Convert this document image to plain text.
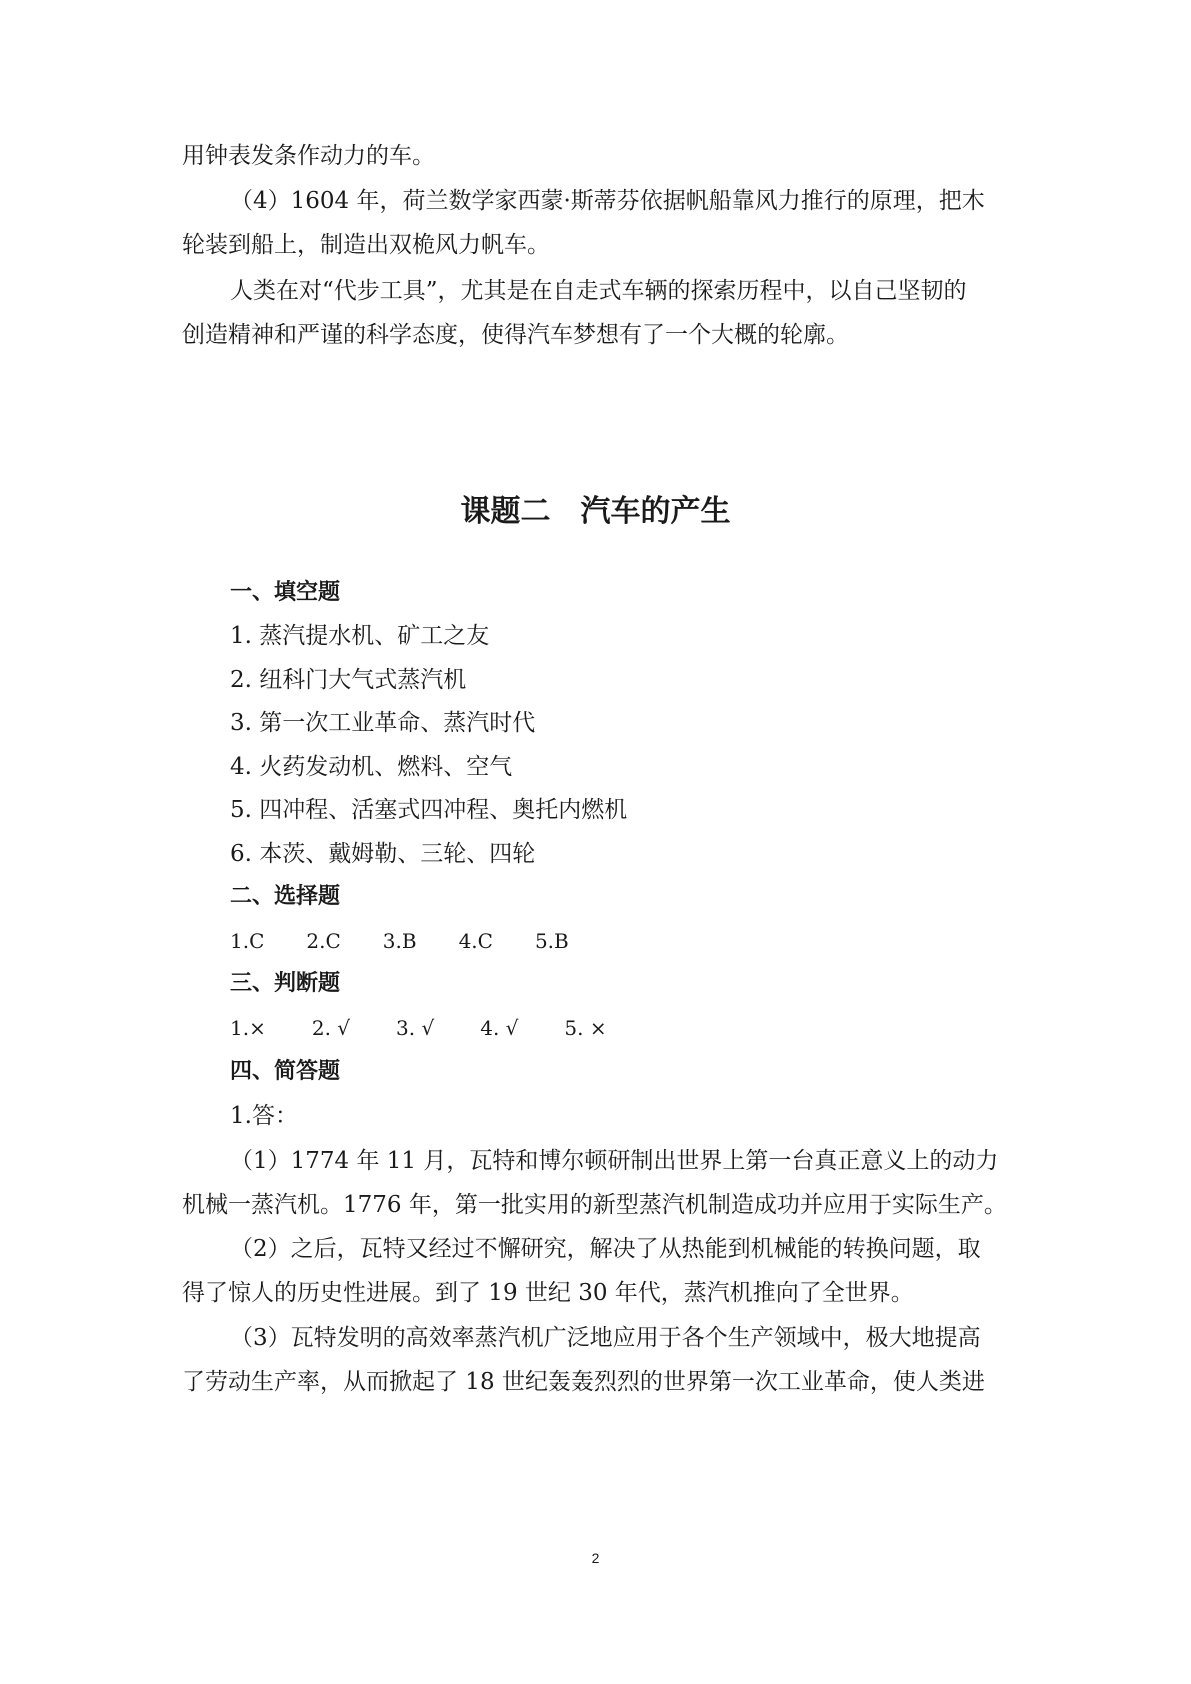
用钟表发条作动力的车。
（4）1604 年，荷兰数学家西蒙·斯蒂芬依据帆船靠风力推行的原理，把木
轮装到船上，制造出双桅风力帆车。
人类在对“代步工具”，尤其是在自走式车辆的探索历程中，以自己坚韧的
创造精神和严谨的科学态度，使得汽车梦想有了一个大概的轮廓。
课题二　汽车的产生
一、填空题
1. 蒸汽提水机、矿工之友
2. 纽科门大气式蒸汽机
3. 第一次工业革命、蒸汽时代
4. 火药发动机、燃料、空气
5. 四冲程、活塞式四冲程、奥托内燃机
6. 本茨、戴姆勒、三轮、四轮
二、选择题
1.C 2.C 3.B 4.C 5.B
三、判断题
1.× 2. √ 3. √ 4. √ 5. ×
四、简答题
1.答：
（1）1774 年 11 月，瓦特和博尔顿研制出世界上第一台真正意义上的动力
机械一蒸汽机。1776 年，第一批实用的新型蒸汽机制造成功并应用于实际生产。
（2）之后，瓦特又经过不懈研究，解决了从热能到机械能的转换问题，取
得了惊人的历史性进展。到了 19 世纪 30 年代，蒸汽机推向了全世界。
（3）瓦特发明的高效率蒸汽机广泛地应用于各个生产领域中，极大地提高
了劳动生产率，从而掀起了 18 世纪轰轰烈烈的世界第一次工业革命，使人类进
2
